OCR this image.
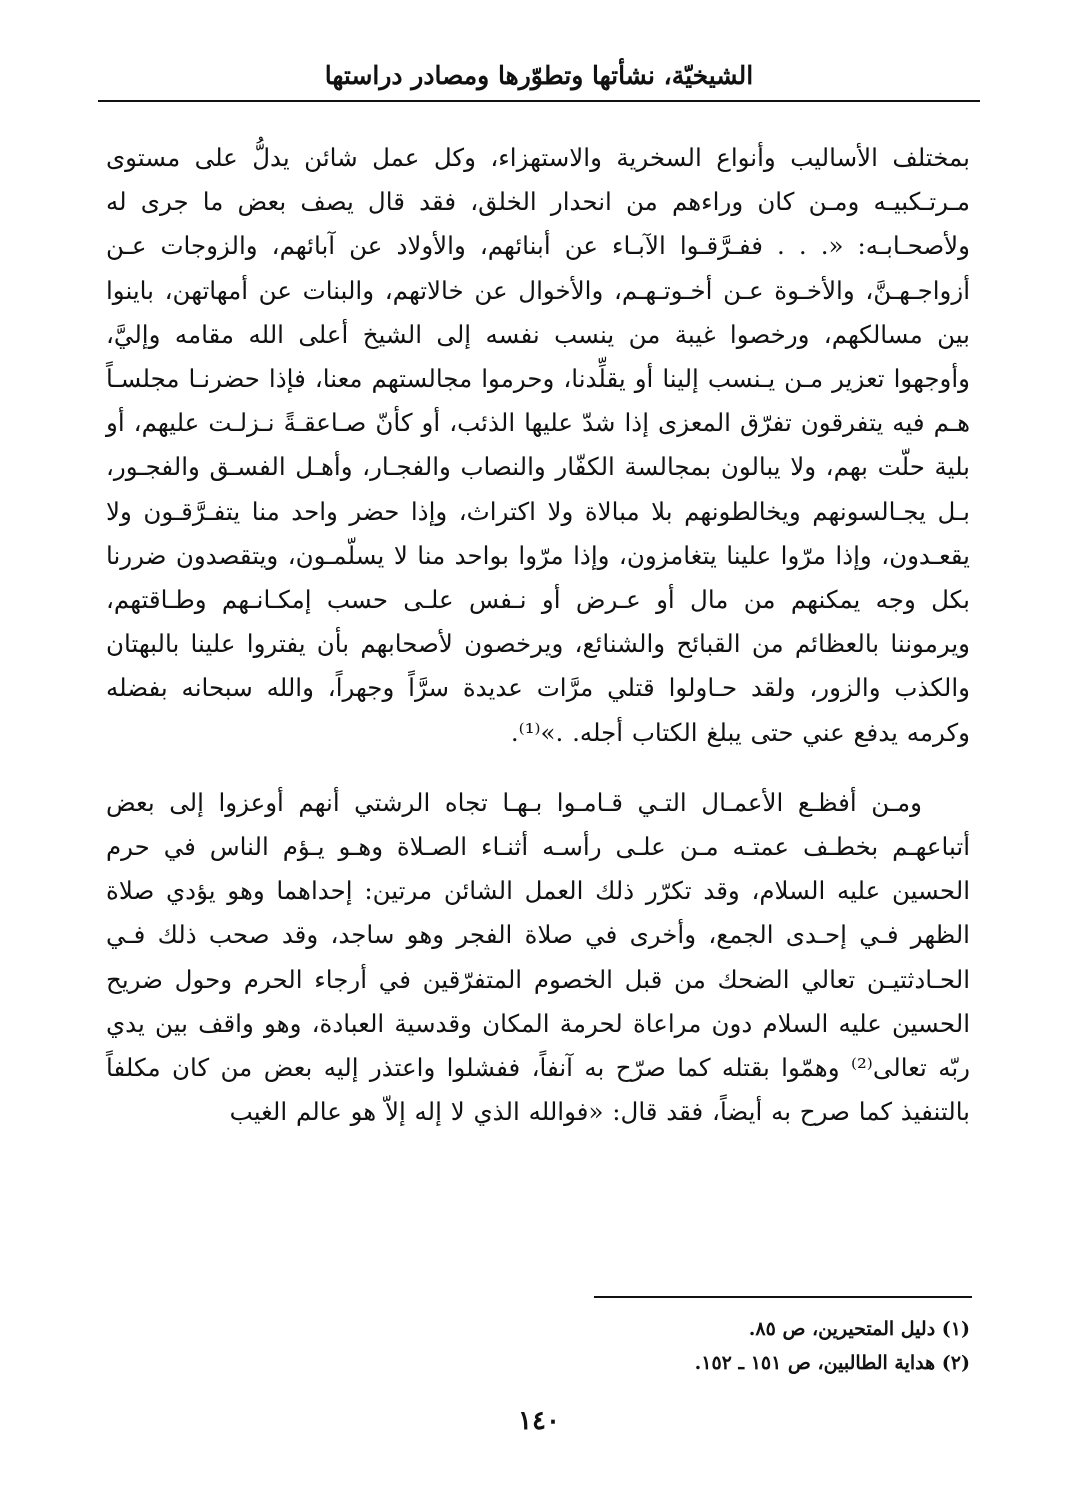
الشيخيّة، نشأتها وتطوّرها ومصادر دراستها

بمختلف الأساليب وأنواع السخرية والاستهزاء، وكل عمل شائن يدلُّ على مستوى مـرتـكبيـه ومـن كان وراءهم من انحدار الخلق، فقد قال يصف بعض ما جرى له ولأصحـابـه: «. . . ففـرَّقـوا الآبـاء عن أبنائهم، والأولاد عن آبائهم، والزوجات عـن أزواجـهـنَّ، والأخـوة عـن أخـوتـهـم، والأخوال عن خالاتهم، والبنات عن أمهاتهن، باينوا بين مسالكهم، ورخصوا غيبة من ينسب نفسه إلى الشيخ أعلى الله مقامه وإليَّ، وأوجهوا تعزير مـن يـنسب إلينا أو يقلِّدنا، وحرموا مجالستهم معنا، فإذا حضرنـا مجلسـاً هـم فيه يتفرقون تفرّق المعزى إذا شدّ عليها الذئب، أو كأنّ صـاعقـةً نـزلـت عليهم، أو بلية حلّت بهم، ولا يبالون بمجالسة الكفّار والنصاب والفجـار، وأهـل الفسـق والفجـور، بـل يجـالسونهم ويخالطونهم بلا مبالاة ولا اكتراث، وإذا حضر واحد منا يتفـرَّقـون ولا يقعـدون، وإذا مرّوا علينا يتغامزون، وإذا مرّوا بواحد منا لا يسلّمـون، ويتقصدون ضررنا بكل وجه يمكنهم من مال أو عـرض أو نـفس علـى حسب إمكـانـهم وطـاقتهم، ويرموننا بالعظائم من القبائح والشنائع، ويرخصون لأصحابهم بأن يفتروا علينا بالبهتان والكذب والزور، ولقد حـاولوا قتلي مرَّات عديدة سرَّاً وجهراً، والله سبحانه بفضله وكرمه يدفع عني حتى يبلغ الكتاب أجله. .»⁽¹⁾.

ومـن أفظـع الأعمـال التـي قـامـوا بـهـا تجاه الرشتي أنهم أوعزوا إلى بعض أتباعهـم بخطـف عمتـه مـن علـى رأسـه أثنـاء الصـلاة وهـو يـؤم الناس في حرم الحسين عليه السلام، وقد تكرّر ذلك العمل الشائن مرتين: إحداهما وهو يؤدي صلاة الظهر فـي إحـدى الجمع، وأخرى في صلاة الفجر وهو ساجد، وقد صحب ذلك فـي الحـادثتيـن تعالي الضحك من قبل الخصوم المتفرّقين في أرجاء الحرم وحول ضريح الحسين عليه السلام دون مراعاة لحرمة المكان وقدسية العبادة، وهو واقف بين يدي ربّه تعالى⁽²⁾ وهمّوا بقتله كما صرّح به آنفاً، ففشلوا واعتذر إليه بعض من كان مكلفاً بالتنفيذ كما صرح به أيضاً، فقد قال: «فوالله الذي لا إله إلاّ هو عالم الغيب

(١) دليل المتحيرين، ص ٨٥.

(٢) هداية الطالبين، ص ١٥١ ـ ١٥٢.

١٤٠
